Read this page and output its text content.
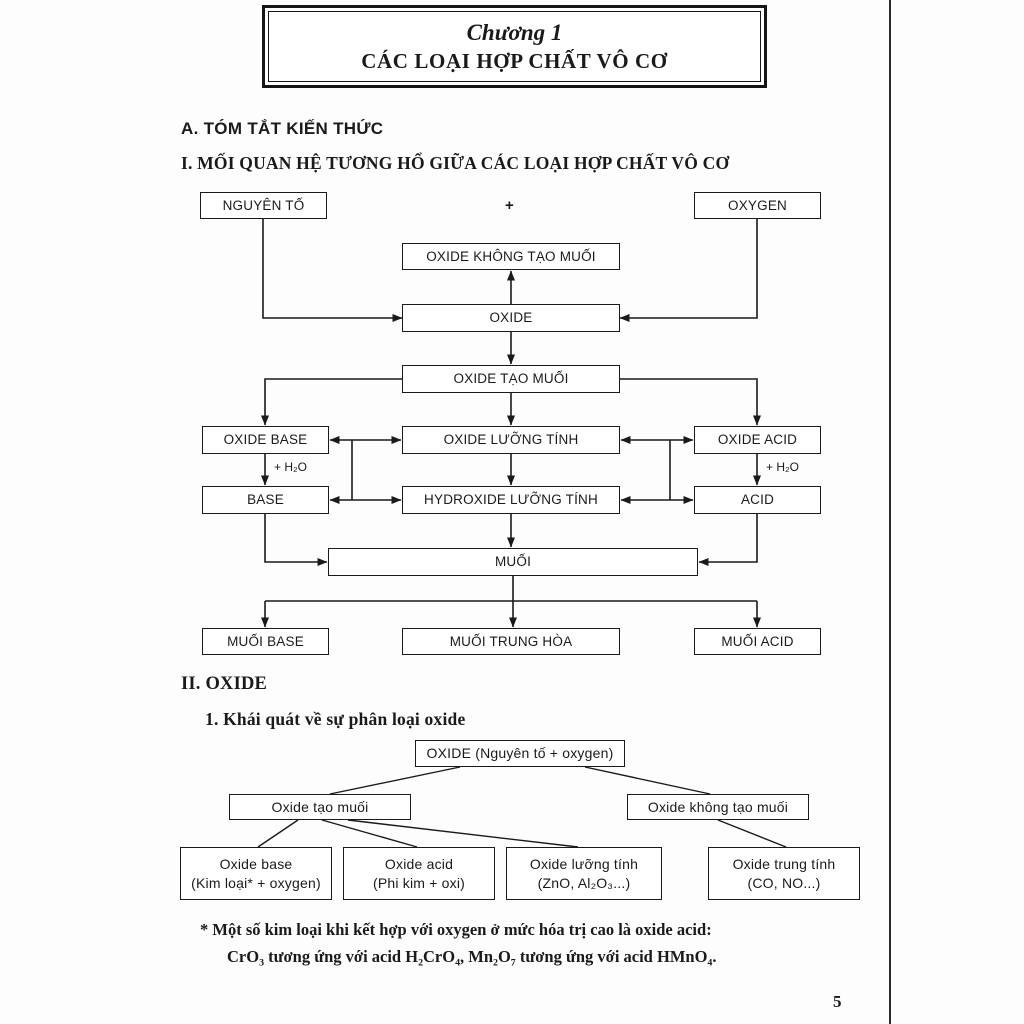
Chương 1
CÁC LOẠI HỢP CHẤT VÔ CƠ
A. TÓM TẮT KIẾN THỨC
I. MỐI QUAN HỆ TƯƠNG HỔ GIỮA CÁC LOẠI HỢP CHẤT VÔ CƠ
II. OXIDE
1. Khái quát về sự phân loại oxide
NGUYÊN TỐ	+	OXYGEN
OXIDE KHÔNG TẠO MUỐI
OXIDE
OXIDE TẠO MUỐI
OXIDE BASE	OXIDE LƯỠNG TÍNH	OXIDE ACID
+ H₂O	+ H₂O
BASE	HYDROXIDE LƯỠNG TÍNH	ACID
MUỐI
MUỐI BASE	MUỐI TRUNG HÒA	MUỐI ACID
OXIDE (Nguyên tố + oxygen)
Oxide tạo muối	Oxide không tạo muối
Oxide base
(Kim loại* + oxygen)
Oxide acid
(Phi kim + oxi)
Oxide lưỡng tính
(ZnO, Al₂O₃...)
Oxide trung tính
(CO, NO...)
* Một số kim loại khi kết hợp với oxygen ở mức hóa trị cao là oxide acid:
CrO₃ tương ứng với acid H₂CrO₄, Mn₂O₇ tương ứng với acid HMnO₄.
5
